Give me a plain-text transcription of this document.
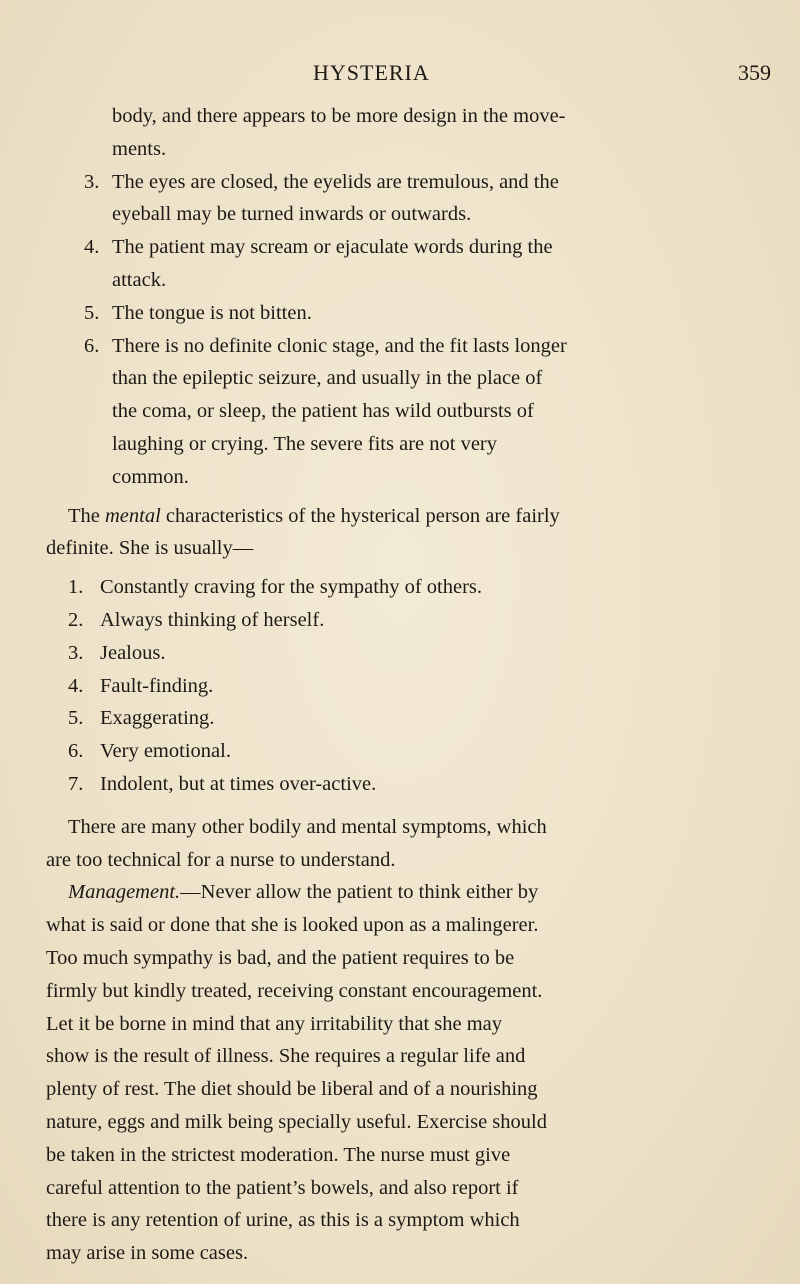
HYSTERIA	359
body, and there appears to be more design in the move-
ments.
3. The eyes are closed, the eyelids are tremulous, and the
eyeball may be turned inwards or outwards.
4. The patient may scream or ejaculate words during the
attack.
5. The tongue is not bitten.
6. There is no definite clonic stage, and the fit lasts longer
than the epileptic seizure, and usually in the place of
the coma, or sleep, the patient has wild outbursts of
laughing or crying. The severe fits are not very
common.
The mental characteristics of the hysterical person are fairly
definite. She is usually—
1. Constantly craving for the sympathy of others.
2. Always thinking of herself.
3. Jealous.
4. Fault-finding.
5. Exaggerating.
6. Very emotional.
7. Indolent, but at times over-active.
There are many other bodily and mental symptoms, which
are too technical for a nurse to understand.
Management.—Never allow the patient to think either by
what is said or done that she is looked upon as a malingerer.
Too much sympathy is bad, and the patient requires to be
firmly but kindly treated, receiving constant encouragement.
Let it be borne in mind that any irritability that she may
show is the result of illness. She requires a regular life and
plenty of rest. The diet should be liberal and of a nourishing
nature, eggs and milk being specially useful. Exercise should
be taken in the strictest moderation. The nurse must give
careful attention to the patient’s bowels, and also report if
there is any retention of urine, as this is a symptom which
may arise in some cases.
